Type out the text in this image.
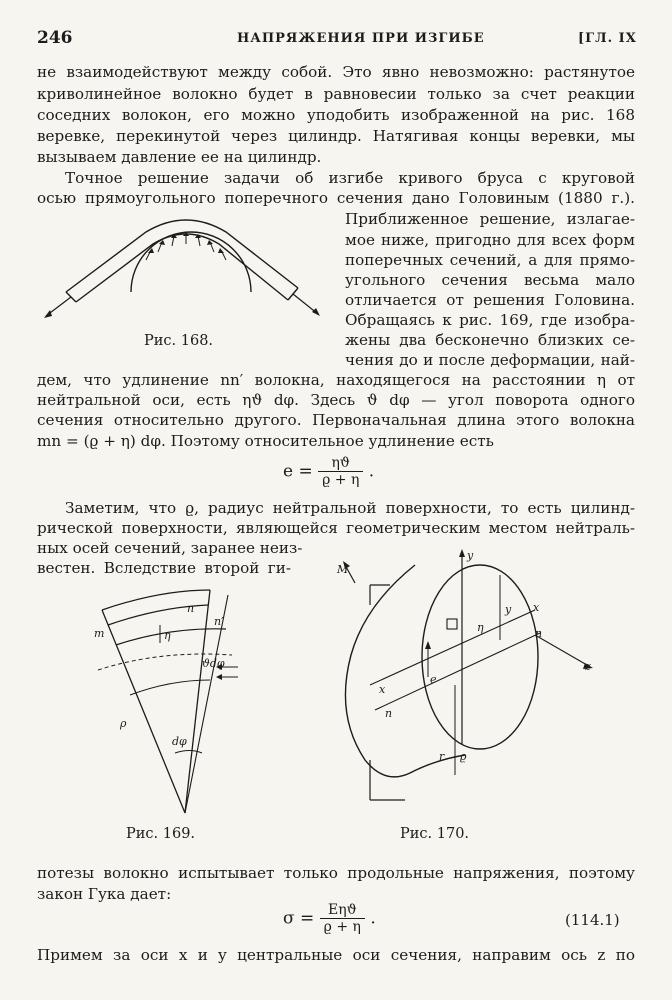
246	НАПРЯЖЕНИЯ ПРИ ИЗГИБЕ	[ГЛ. IX
не взаимодействуют между собой. Это явно невозможно: растянутое
криволинейное волокно будет в равновесии только за счет реакции
соседних волокон, его можно уподобить изображенной на рис. 168
веревке, перекинутой через цилиндр. Натягивая концы веревки, мы
вызываем давление ее на цилиндр.
Точное решение задачи об изгибе кривого бруса с круговой
осью прямоугольного поперечного сечения дано Головиным (1880 г.).
Рис. 168.
Приближенное решение, излагае-
мое ниже, пригодно для всех форм
поперечных сечений, а для прямо-
угольного сечения весьма мало
отличается от решения Головина.
Обращаясь к рис. 169, где изобра-
жены два бесконечно близких се-
чения до и после деформации, най-
дем, что удлинение nn′ волокна, находящегося на расстоянии η от
нейтральной оси, есть ηϑ dφ. Здесь ϑ dφ — угол поворота одного
сечения относительно другого. Первоначальная длина этого волокна
mn = (ϱ + η) dφ. Поэтому относительное удлинение есть
$e = \frac{\eta ϑ}{ϱ + \eta}$ .
Заметим, что ϱ, радиус нейтральной поверхности, то есть цилинд-
рической поверхности, являющейся геометрическим местом нейтраль-
ных осей сечений, заранее неиз-
вестен. Вследствие второй ги-
n
n′
m	η
ϑdφ
ρ
dφ
Рис. 169.
y
M
x
y
η	n
z
x
e
n
r ϱ
Рис. 170.
потезы волокно испытывает только продольные напряжения, поэтому
закон Гука дает:
$\sigma = \frac{\text{Eηϑ}}{ϱ + \eta}$ .	(114.1)
Примем за оси x и y центральные оси сечения, направим ось z по
